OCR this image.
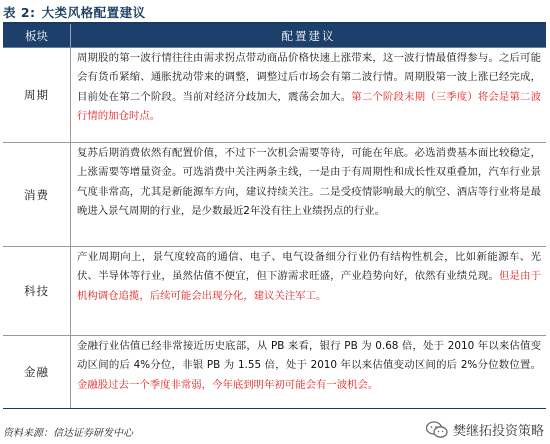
表 2: 大类风格配置建议
板块	配置建议
周期
周期股的第一波行情往往由需求拐点带动商品价格快速上涨带来，这一波行情最值得参与。之后可能会有货币紧缩、通胀扰动带来的调整，调整过后市场会有第二波行情。周期股第一波上涨已经完成，目前处在第二个阶段。当前对经济分歧加大，震荡会加大。第二个阶段末期（三季度）将会是第二波行情的加仓时点。
消费
复苏后期消费依然有配置价值，不过下一次机会需要等待，可能在年底。必选消费基本面比较稳定，上涨需要等增量资金。可选消费中关注两条主线，一是由于有周期性和成长性双重叠加，汽车行业景气度非常高，尤其是新能源车方向，建议持续关注。二是受疫情影响最大的航空、酒店等行业将是最晚进入景气周期的行业，是少数最近2年没有往上业绩拐点的行业。
科技
产业周期向上，景气度较高的通信、电子、电气设备细分行业仍有结构性机会，比如新能源车、光伏、半导体等行业，虽然估值不便宜，但下游需求旺盛，产业趋势向好，依然有业绩兑现。但是由于机构调仓追揽，后续可能会出现分化，建议关注军工。
金融
金融行业估值已经非常接近历史底部，从 PB 来看，银行 PB 为 0.68 倍，处于 2010 年以来估值变动区间的后 4%分位，非银 PB 为 1.55 倍，处于 2010 年以来估值变动区间的后 2%分位数位置。金融股过去一个季度非常弱，今年底到明年初可能会有一波机会。
资料来源：信达证券研发中心	樊继拓投资策略
